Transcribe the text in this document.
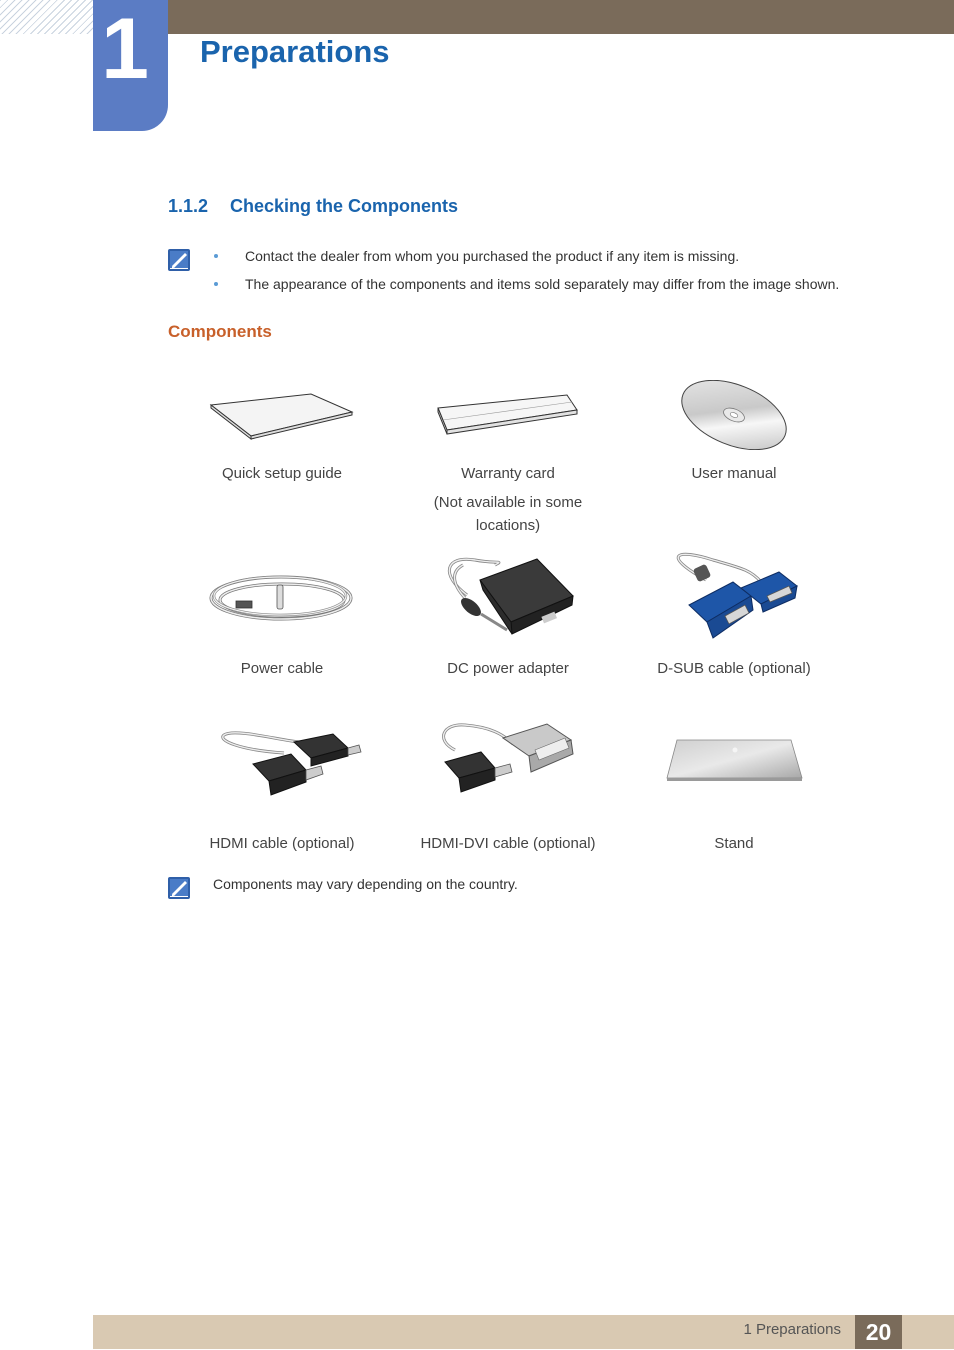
1 Preparations
1.1.2 Checking the Components
Contact the dealer from whom you purchased the product if any item is missing.
The appearance of the components and items sold separately may differ from the image shown.
Components
Quick setup guide	Warranty card
(Not available in some
locations)
User manual
Power cable	DC power adapter	D-SUB cable (optional)
HDMI cable (optional)	HDMI-DVI cable (optional)	Stand
Components may vary depending on the country.
1 Preparations	20
